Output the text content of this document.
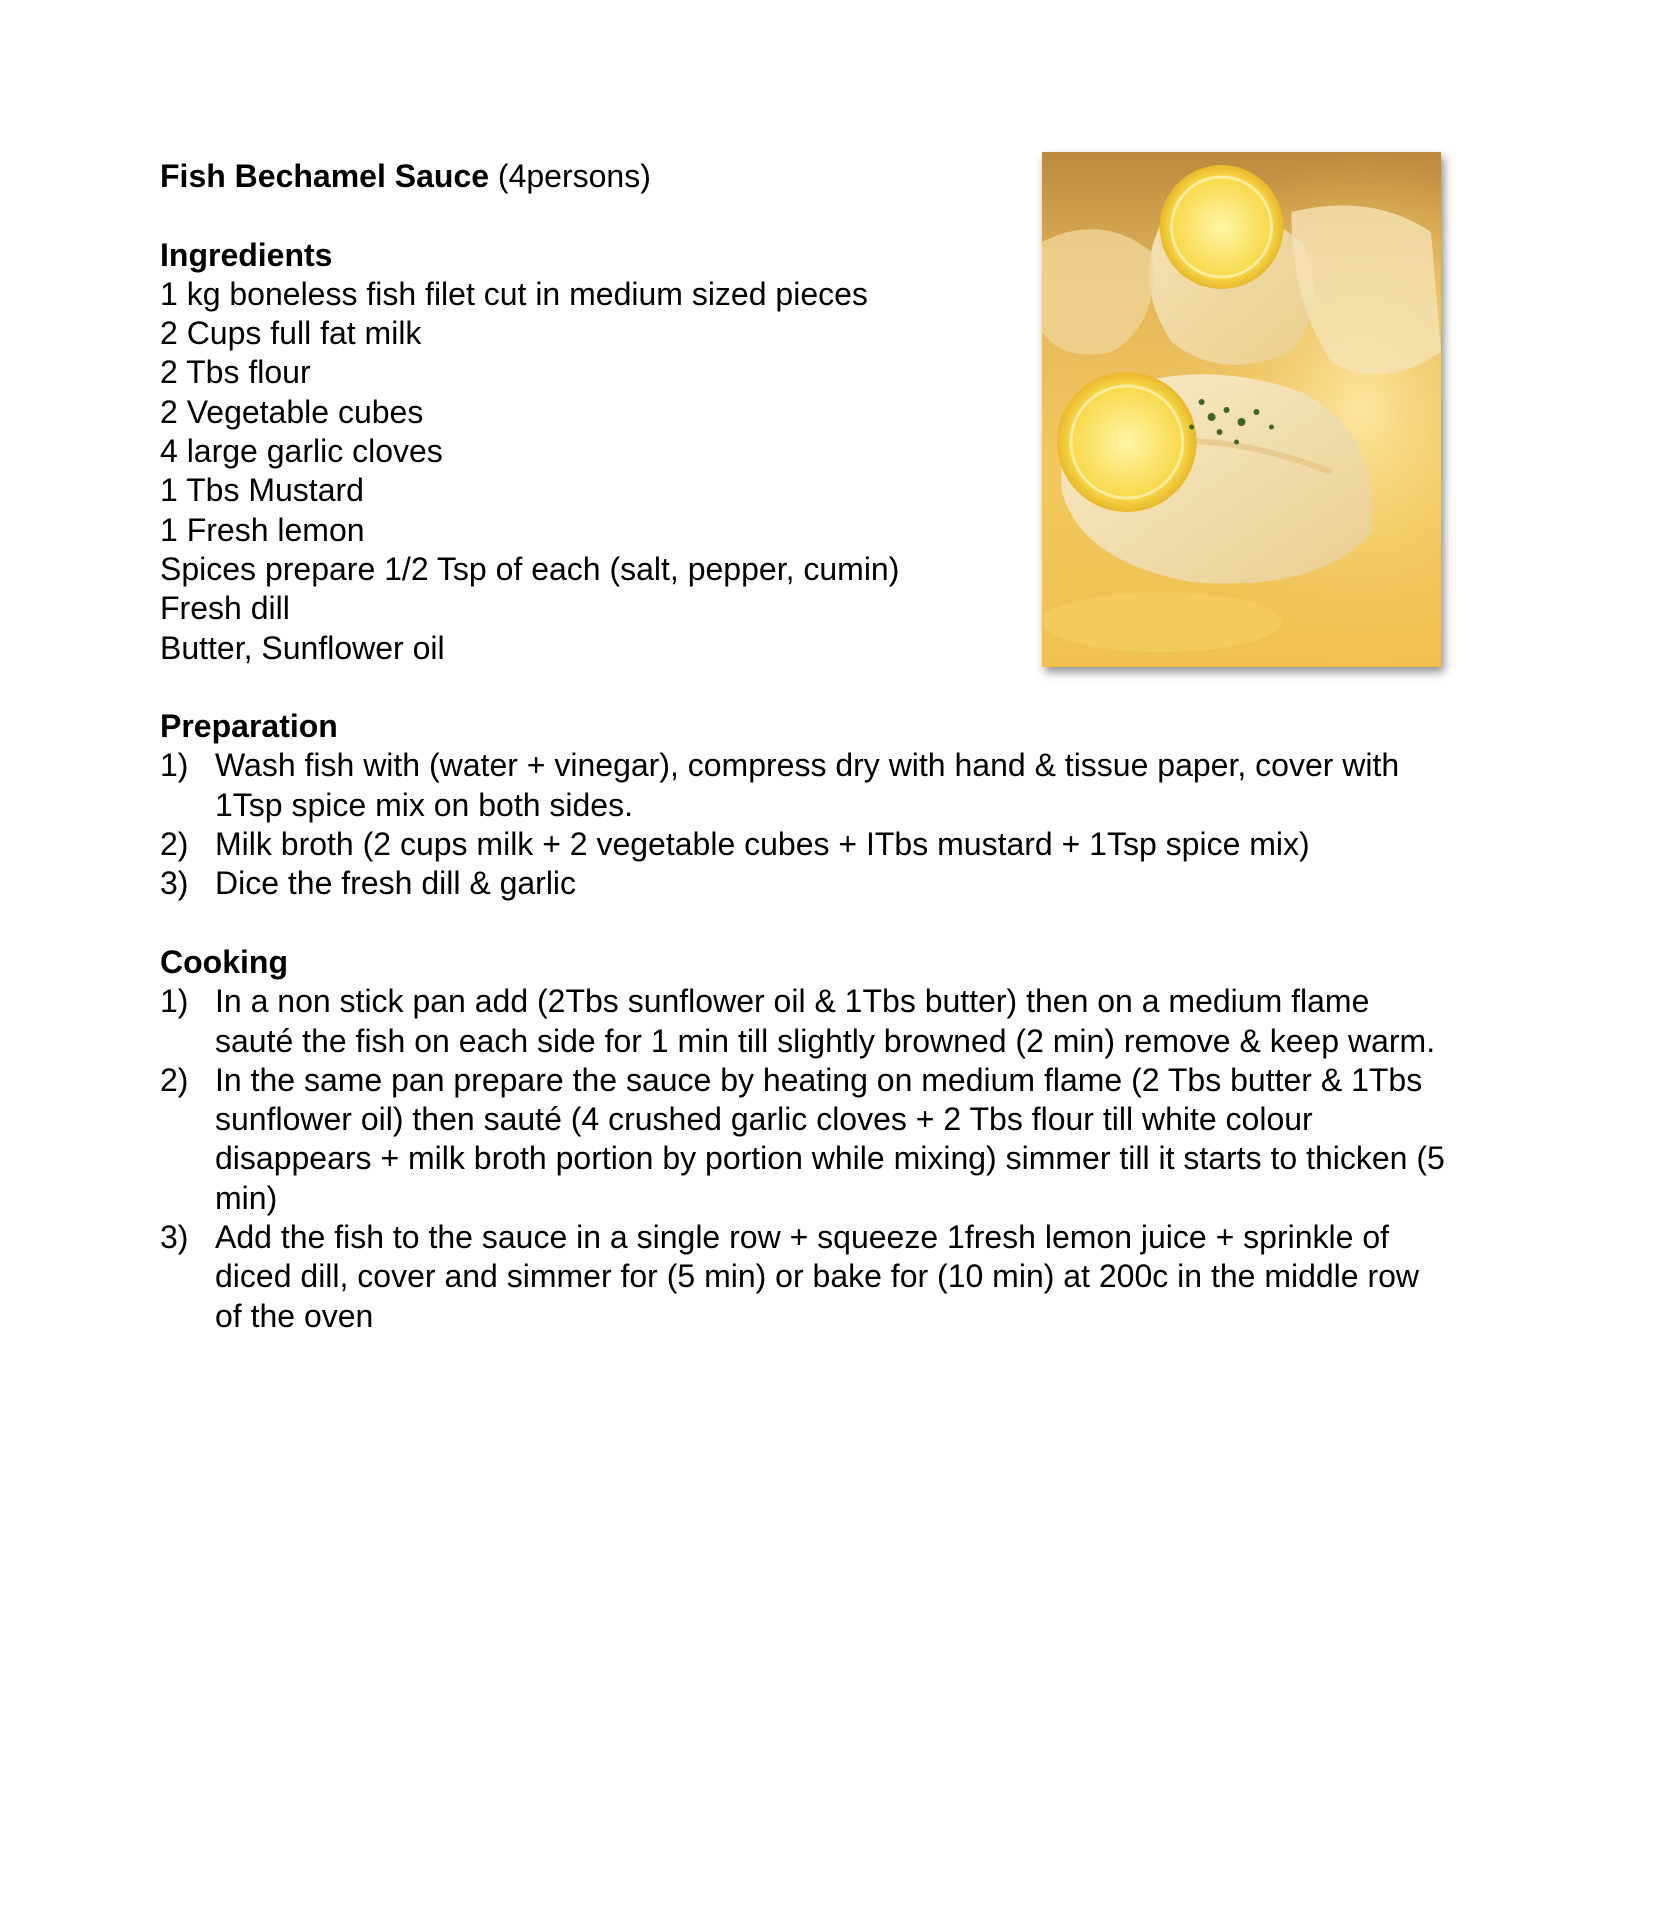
Fish Bechamel Sauce (4persons)
Ingredients
1 kg boneless fish filet cut in medium sized pieces
2 Cups full fat milk
2 Tbs flour
2 Vegetable cubes
4 large garlic cloves
1 Tbs Mustard
1 Fresh lemon
Spices prepare 1/2 Tsp of each (salt, pepper, cumin)
Fresh dill
Butter, Sunflower oil
Preparation
1) Wash fish with (water + vinegar), compress dry with hand & tissue paper, cover with
1Tsp spice mix on both sides.
2) Milk broth (2 cups milk + 2 vegetable cubes + ITbs mustard + 1Tsp spice mix)
3) Dice the fresh dill & garlic
Cooking
1) In a non stick pan add (2Tbs sunflower oil & 1Tbs butter) then on a medium flame
sauté the fish on each side for 1 min till slightly browned (2 min) remove & keep warm.
2) In the same pan prepare the sauce by heating on medium flame (2 Tbs butter & 1Tbs
sunflower oil) then sauté (4 crushed garlic cloves + 2 Tbs flour till white colour
disappears + milk broth portion by portion while mixing) simmer till it starts to thicken (5
min)
3) Add the fish to the sauce in a single row + squeeze 1fresh lemon juice + sprinkle of
diced dill, cover and simmer for (5 min) or bake for (10 min) at 200c in the middle row
of the oven
